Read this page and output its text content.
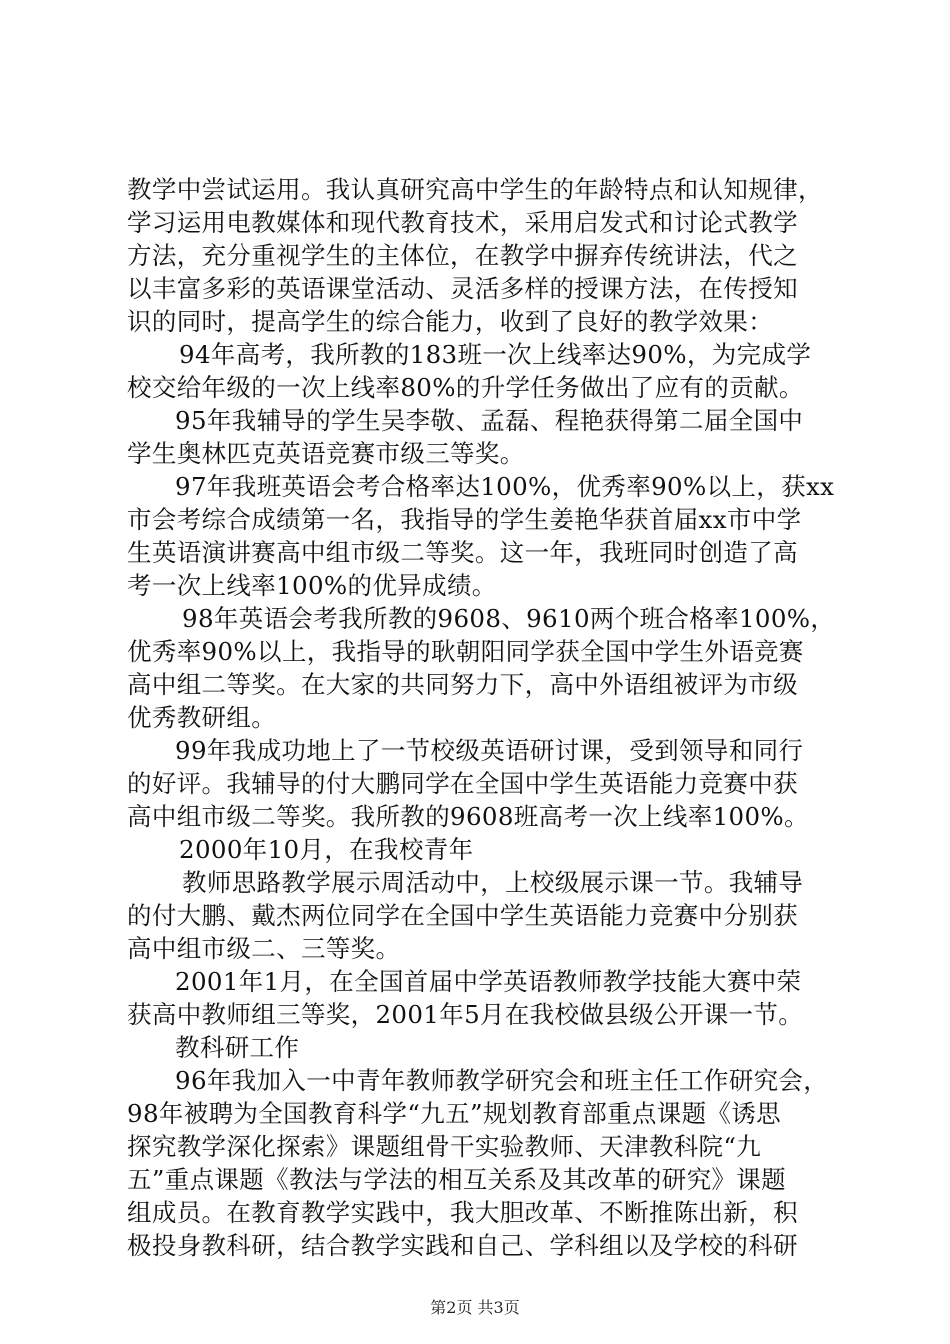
教学中尝试运用。我认真研究高中学生的年龄特点和认知规律，
学习运用电教媒体和现代教育技术，采用启发式和讨论式教学
方法，充分重视学生的主体位，在教学中摒弃传统讲法，代之
以丰富多彩的英语课堂活动、灵活多样的授课方法，在传授知
识的同时，提高学生的综合能力，收到了良好的教学效果：
94年高考，我所教的183班一次上线率达90%，为完成学
校交给年级的一次上线率80%的升学任务做出了应有的贡献。
95年我辅导的学生吴李敬、孟磊、程艳获得第二届全国中
学生奥林匹克英语竞赛市级三等奖。
97年我班英语会考合格率达100%，优秀率90%以上，获xx
市会考综合成绩第一名，我指导的学生姜艳华获首届xx市中学
生英语演讲赛高中组市级二等奖。这一年，我班同时创造了高
考一次上线率100%的优异成绩。
98年英语会考我所教的9608、9610两个班合格率100%，
优秀率90%以上，我指导的耿朝阳同学获全国中学生外语竞赛
高中组二等奖。在大家的共同努力下，高中外语组被评为市级
优秀教研组。
99年我成功地上了一节校级英语研讨课，受到领导和同行
的好评。我辅导的付大鹏同学在全国中学生英语能力竞赛中获
高中组市级二等奖。我所教的9608班高考一次上线率100%。
2000年10月，在我校青年
教师思路教学展示周活动中，上校级展示课一节。我辅导
的付大鹏、戴杰两位同学在全国中学生英语能力竞赛中分别获
高中组市级二、三等奖。
2001年1月，在全国首届中学英语教师教学技能大赛中荣
获高中教师组三等奖，2001年5月在我校做县级公开课一节。
教科研工作
96年我加入一中青年教师教学研究会和班主任工作研究会，
98年被聘为全国教育科学“九五”规划教育部重点课题《诱思
探究教学深化探索》课题组骨干实验教师、天津教科院“九
五”重点课题《教法与学法的相互关系及其改革的研究》课题
组成员。在教育教学实践中，我大胆改革、不断推陈出新，积
极投身教科研，结合教学实践和自己、学科组以及学校的科研
第2页 共3页
